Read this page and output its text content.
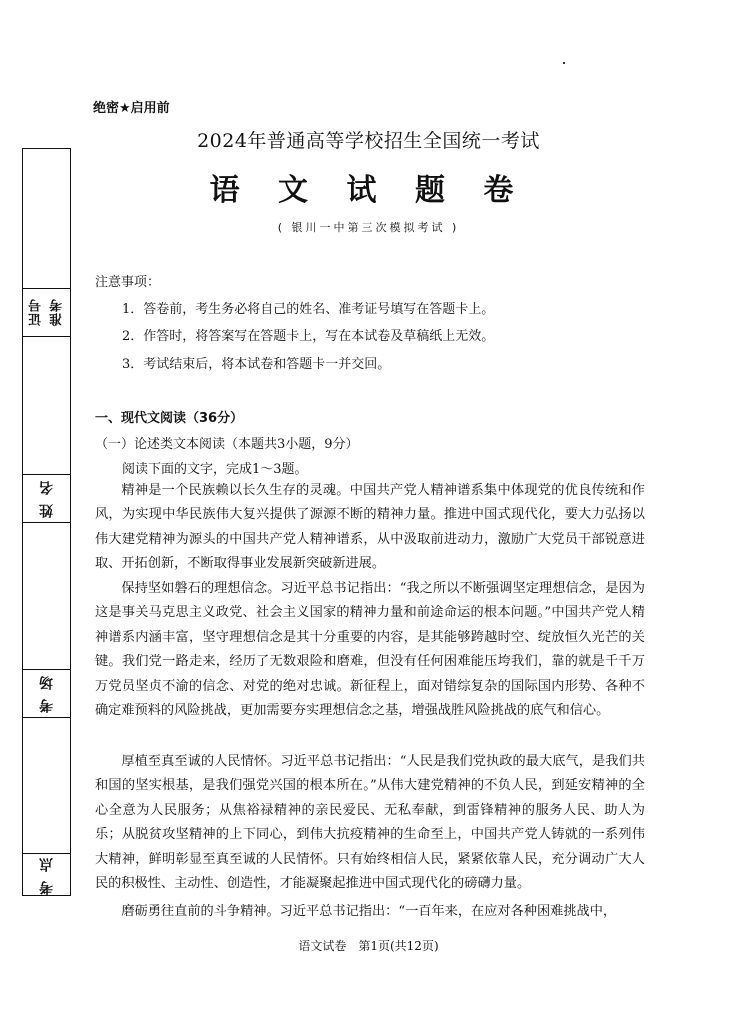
准考
证号
姓 名
考 场
考 点
绝密★启用前
2024年普通高等学校招生全国统一考试
语 文 试 题 卷
( 银川一中第三次模拟考试 )
注意事项：
1．答卷前，考生务必将自己的姓名、准考证号填写在答题卡上。
2．作答时，将答案写在答题卡上，写在本试卷及草稿纸上无效。
3．考试结束后，将本试卷和答题卡一并交回。
一、现代文阅读（36分）
（一）论述类文本阅读（本题共3小题，9分）
阅读下面的文字，完成1～3题。

精神是一个民族赖以长久生存的灵魂。中国共产党人精神谱系集中体现党的优良传统和作风，为实现中华民族伟大复兴提供了源源不断的精神力量。推进中国式现代化，要大力弘扬以伟大建党精神为源头的中国共产党人精神谱系，从中汲取前进动力，激励广大党员干部锐意进取、开拓创新，不断取得事业发展新突破新进展。

保持坚如磐石的理想信念。习近平总书记指出：“我之所以不断强调坚定理想信念，是因为这是事关马克思主义政党、社会主义国家的精神力量和前途命运的根本问题。”中国共产党人精神谱系内涵丰富，坚守理想信念是其十分重要的内容，是其能够跨越时空、绽放恒久光芒的关键。我们党一路走来，经历了无数艰险和磨难，但没有任何困难能压垮我们，靠的就是千千万万党员坚贞不渝的信念、对党的绝对忠诚。新征程上，面对错综复杂的国际国内形势、各种不确定难预料的风险挑战，更加需要夯实理想信念之基，增强战胜风险挑战的底气和信心。

厚植至真至诚的人民情怀。习近平总书记指出：“人民是我们党执政的最大底气，是我们共和国的坚实根基，是我们强党兴国的根本所在。”从伟大建党精神的不负人民，到延安精神的全心全意为人民服务；从焦裕禄精神的亲民爱民、无私奉献，到雷锋精神的服务人民、助人为乐；从脱贫攻坚精神的上下同心，到伟大抗疫精神的生命至上，中国共产党人铸就的一系列伟大精神，鲜明彰显至真至诚的人民情怀。只有始终相信人民，紧紧依靠人民，充分调动广大人民的积极性、主动性、创造性，才能凝聚起推进中国式现代化的磅礴力量。

磨砺勇往直前的斗争精神。习近平总书记指出：“一百年来，在应对各种困难挑战中，

语文试卷　第1页(共12页)
